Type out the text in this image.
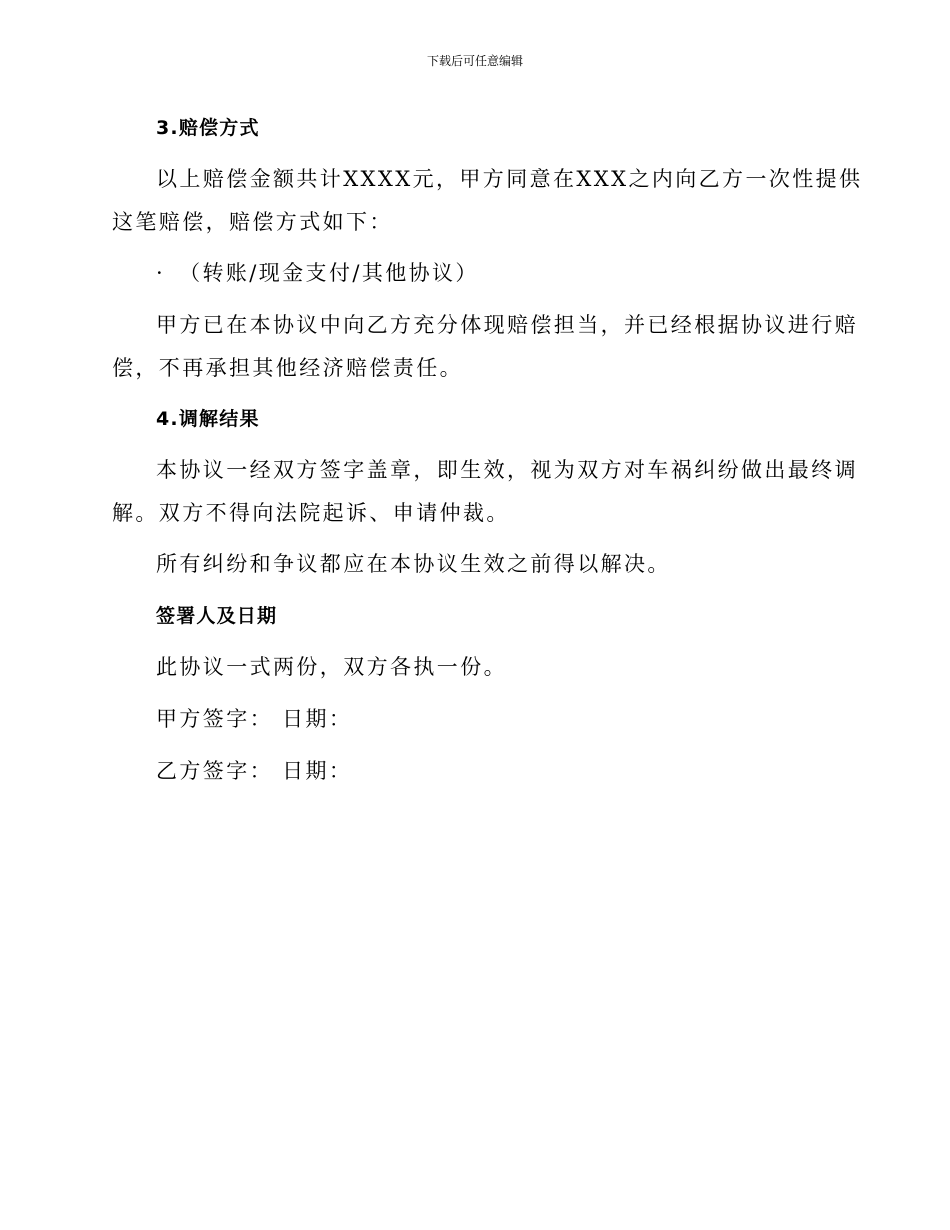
下载后可任意编辑
3.赔偿方式
以上赔偿金额共计XXXX元，甲方同意在XXX之内向乙方一次性提供
这笔赔偿，赔偿方式如下：
· （转账/现金支付/其他协议）
甲方已在本协议中向乙方充分体现赔偿担当，并已经根据协议进行赔
偿，不再承担其他经济赔偿责任。
4.调解结果
本协议一经双方签字盖章，即生效，视为双方对车祸纠纷做出最终调
解。双方不得向法院起诉、申请仲裁。
所有纠纷和争议都应在本协议生效之前得以解决。
签署人及日期
此协议一式两份，双方各执一份。
甲方签字： 日期：
乙方签字： 日期：
